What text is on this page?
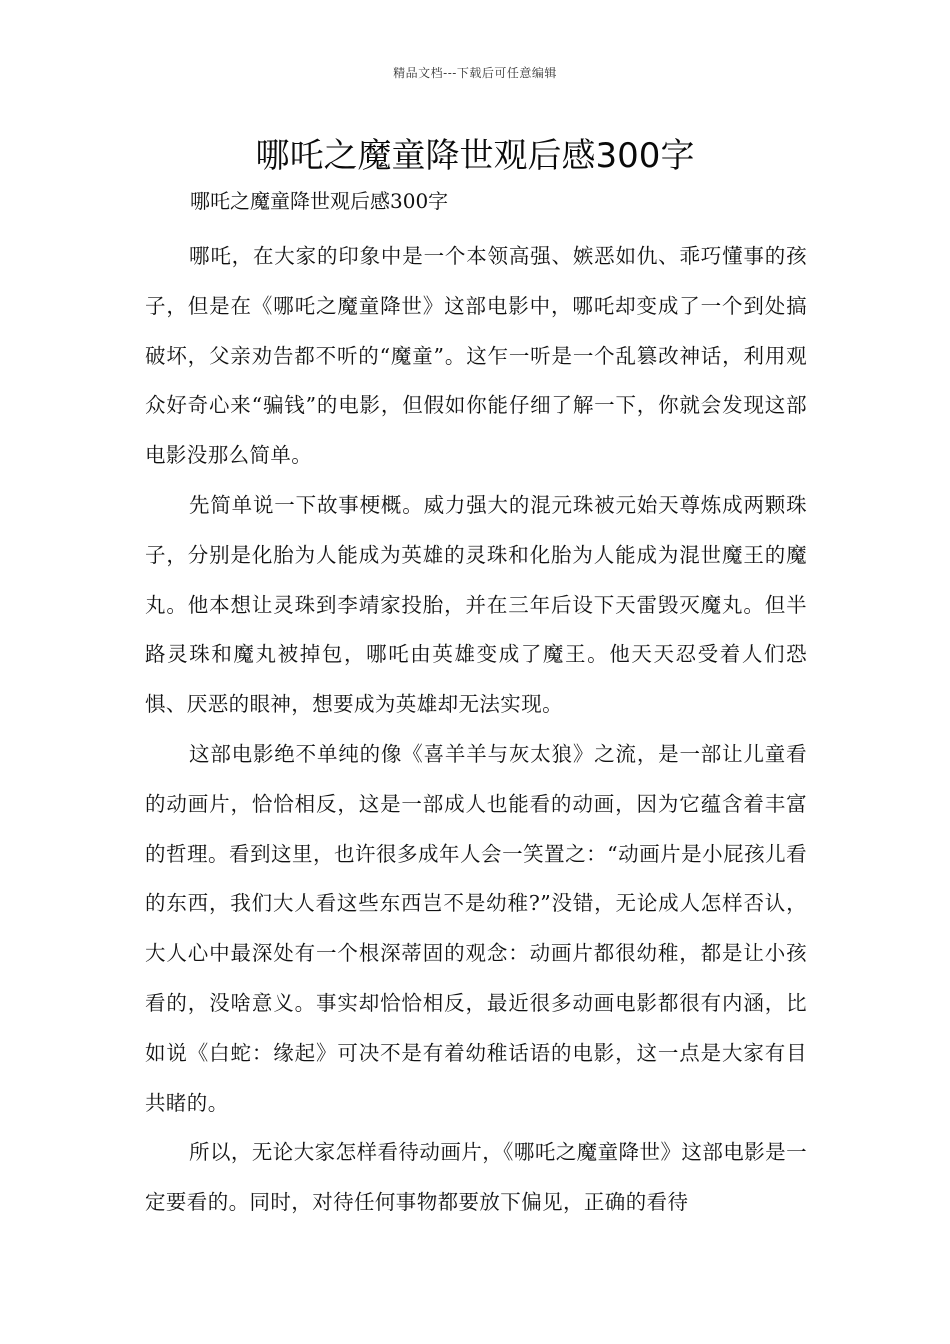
精品文档---下载后可任意编辑
哪吒之魔童降世观后感300字

哪吒之魔童降世观后感300字

哪吒，在大家的印象中是一个本领高强、嫉恶如仇、乖巧懂事的孩子，但是在《哪吒之魔童降世》这部电影中，哪吒却变成了一个到处搞破坏，父亲劝告都不听的“魔童”。这乍一听是一个乱篡改神话，利用观众好奇心来“骗钱”的电影，但假如你能仔细了解一下，你就会发现这部电影没那么简单。

先简单说一下故事梗概。威力强大的混元珠被元始天尊炼成两颗珠子，分别是化胎为人能成为英雄的灵珠和化胎为人能成为混世魔王的魔丸。他本想让灵珠到李靖家投胎，并在三年后设下天雷毁灭魔丸。但半路灵珠和魔丸被掉包，哪吒由英雄变成了魔王。他天天忍受着人们恐惧、厌恶的眼神，想要成为英雄却无法实现。

这部电影绝不单纯的像《喜羊羊与灰太狼》之流，是一部让儿童看的动画片，恰恰相反，这是一部成人也能看的动画，因为它蕴含着丰富的哲理。看到这里，也许很多成年人会一笑置之：“动画片是小屁孩儿看的东西，我们大人看这些东西岂不是幼稚?”没错，无论成人怎样否认，大人心中最深处有一个根深蒂固的观念：动画片都很幼稚，都是让小孩看的，没啥意义。事实却恰恰相反，最近很多动画电影都很有内涵，比如说《白蛇：缘起》可决不是有着幼稚话语的电影，这一点是大家有目共睹的。

所以，无论大家怎样看待动画片，《哪吒之魔童降世》这部电影是一定要看的。同时，对待任何事物都要放下偏见，正确的看待
